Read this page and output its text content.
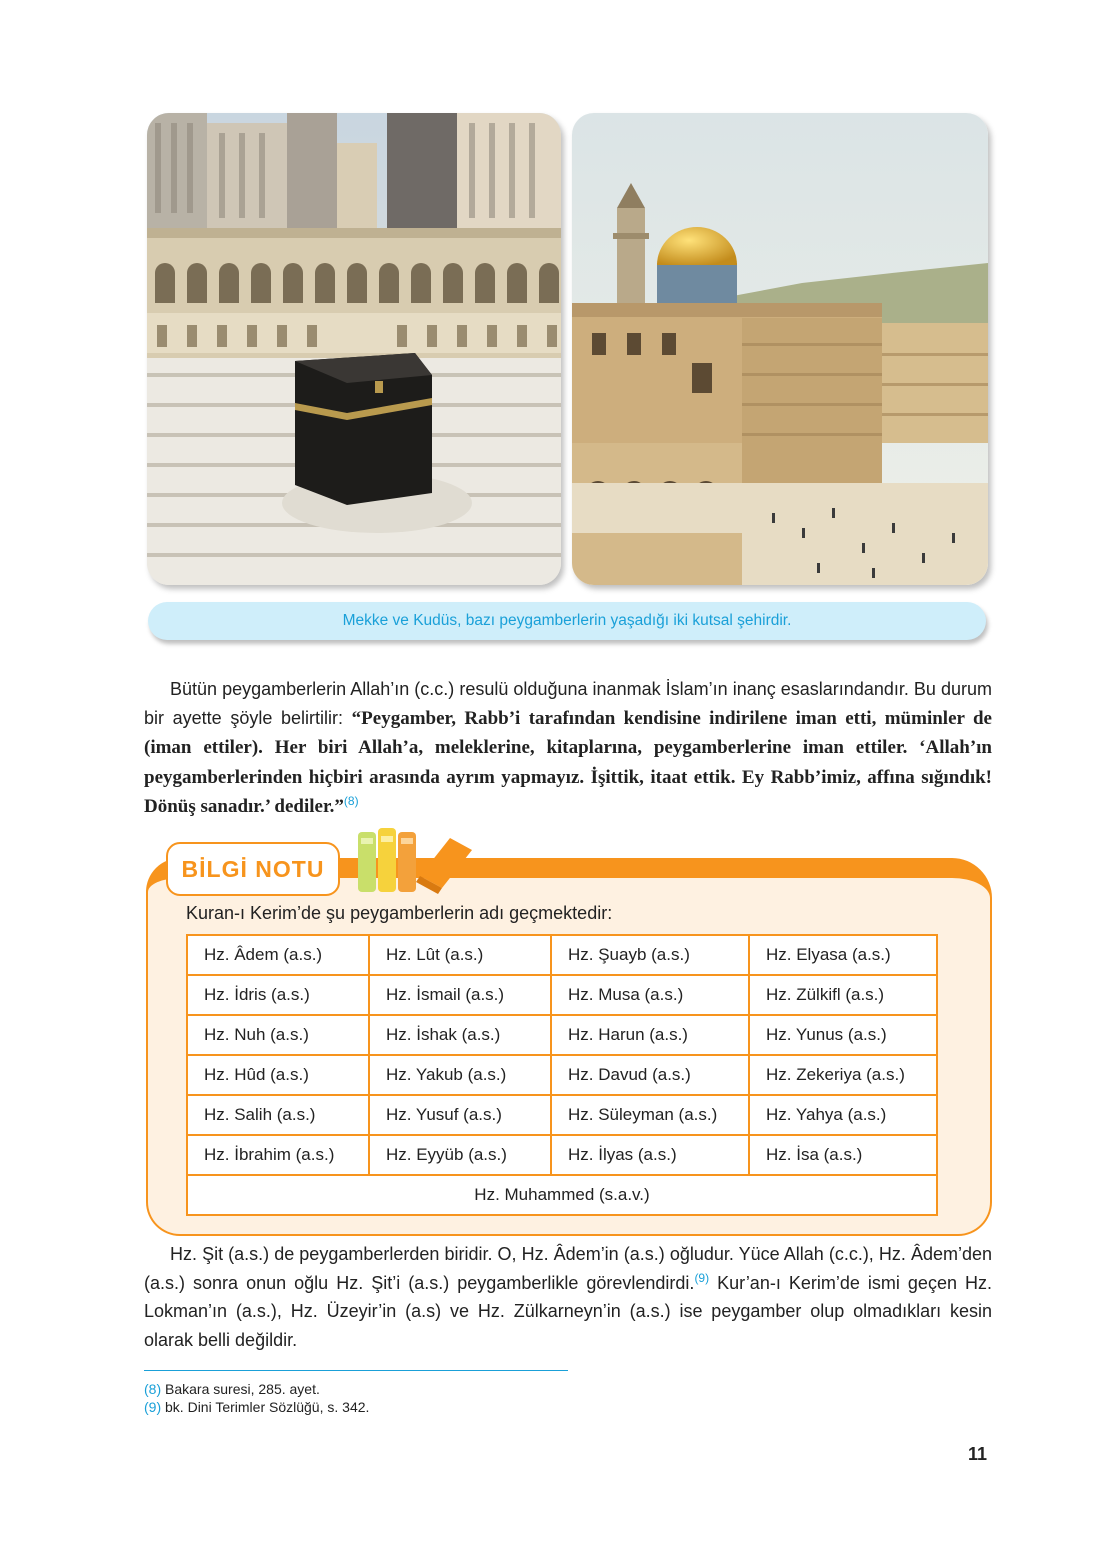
Mekke ve Kudüs, bazı peygamberlerin yaşadığı iki kutsal şehirdir.

Bütün peygamberlerin Allah’ın (c.c.) resulü olduğuna inanmak İslam’ın inanç esaslarındandır. Bu durum bir ayette şöyle belirtilir: “Peygamber, Rabb’i tarafından kendisine indirilene iman etti, müminler de (iman ettiler). Her biri Allah’a, meleklerine, kitaplarına, peygamberlerine iman ettiler. ‘Allah’ın peygamberlerinden hiçbiri arasında ayrım yapmayız. İşittik, itaat ettik. Ey Rabb’imiz, affına sığındık! Dönüş sanadır.’ dediler.”$^{(8)}$

BİLGİ NOTU
Kuran-ı Kerim’de şu peygamberlerin adı geçmektedir:
Hz. Âdem (a.s.)	Hz. Lût (a.s.)	Hz. Şuayb (a.s.)	Hz. Elyasa (a.s.)
Hz. İdris (a.s.)	Hz. İsmail (a.s.)	Hz. Musa (a.s.)	Hz. Zülkifl (a.s.)
Hz. Nuh (a.s.)	Hz. İshak (a.s.)	Hz. Harun (a.s.)	Hz. Yunus (a.s.)
Hz. Hûd (a.s.)	Hz. Yakub (a.s.)	Hz. Davud (a.s.)	Hz. Zekeriya (a.s.)
Hz. Salih (a.s.)	Hz. Yusuf (a.s.)	Hz. Süleyman (a.s.)	Hz. Yahya (a.s.)
Hz. İbrahim (a.s.)	Hz. Eyyüb (a.s.)	Hz. İlyas (a.s.)	Hz. İsa (a.s.)
Hz. Muhammed (s.a.v.)			

Hz. Şit (a.s.) de peygamberlerden biridir. O, Hz. Âdem’in (a.s.) oğludur. Yüce Allah (c.c.), Hz. Âdem’den (a.s.) sonra onun oğlu Hz. Şit’i (a.s.) peygamberlikle görevlendirdi.$^{(9)}$ Kur’an-ı Kerim’de ismi geçen Hz. Lokman’ın (a.s.), Hz. Üzeyir’in (a.s) ve Hz. Zülkarneyn’in (a.s.) ise peygamber olup olmadıkları kesin olarak belli değildir.

(8) Bakara suresi, 285. ayet.
(9) bk. Dini Terimler Sözlüğü, s. 342.
11
